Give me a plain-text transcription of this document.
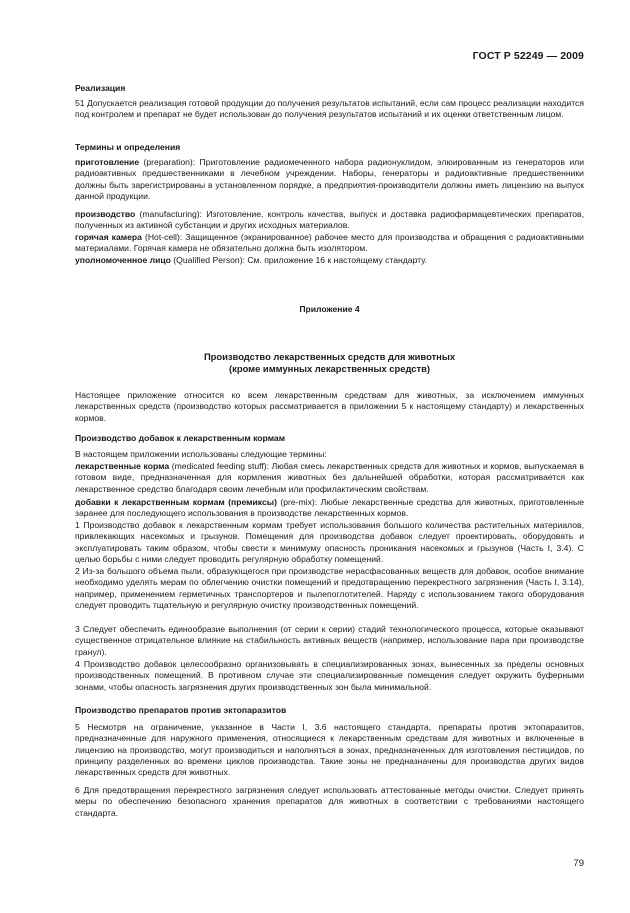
ГОСТ Р 52249 — 2009

Реализация

51 Допускается реализация готовой продукции до получения результатов испытаний, если сам процесс реализации находится под контролем и препарат не будет использован до получения результатов испытаний и их оценки ответственным лицом.

Термины и определения

приготовление (preparation): Приготовление радиомеченного набора радионуклидом, элюированным из генераторов или радиоактивных предшественниками в лечебном учреждении. Наборы, генераторы и радиоактивные предшественники должны быть зарегистрированы в установленном порядке, а предприятия-производители должны иметь лицензию на выпуск данной продукции.

производство (manufacturing): Изготовление, контроль качества, выпуск и доставка радиофармацевтических препаратов, полученных из активной субстанции и других исходных материалов.

горячая камера (Hot-cell): Защищенное (экранированное) рабочее место для производства и обращения с радиоактивными материалами. Горячая камера не обязательно должна быть изолятором.

уполномоченное лицо (Qualified Person): См. приложение 16 к настоящему стандарту.

Приложение 4
Производство лекарственных средств для животных
(кроме иммунных лекарственных средств)

Настоящее приложение относится ко всем лекарственным средствам для животных, за исключением иммунных лекарственных средств (производство которых рассматривается в приложении 5 к настоящему стандарту) и лекарственных кормов.

Производство добавок к лекарственным кормам

В настоящем приложении использованы следующие термины:

лекарственные корма (medicated feeding stuff): Любая смесь лекарственных средств для животных и кормов, выпускаемая в готовом виде, предназначенная для кормления животных без дальнейшей обработки, которая рассматривается как лекарственное средство благодаря своим лечебным или профилактическим свойствам.

добавки к лекарственным кормам (премиксы) (pre-mix): Любые лекарственные средства для животных, приготовленные заранее для последующего использования в производстве лекарственных кормов.

1 Производство добавок к лекарственным кормам требует использования большого количества растительных материалов, привлекающих насекомых и грызунов. Помещения для производства добавок следует проектировать, оборудовать и эксплуатировать таким образом, чтобы свести к минимуму опасность проникания насекомых и грызунов (Часть I, 3.4). С целью борьбы с ними следует проводить регулярную обработку помещений.

2 Из-за большого объема пыли, образующегося при производстве нерасфасованных веществ для добавок, особое внимание необходимо уделять мерам по облегчению очистки помещений и предотвращению перекрестного загрязнения (Часть I, 3.14), например, применением герметичных транспортеров и пылепоглотителей. Наряду с использованием такого оборудования следует проводить тщательную и регулярную очистку производственных помещений.

3 Следует обеспечить единообразие выполнения (от серии к серии) стадий технологического процесса, которые оказывают существенное отрицательное влияние на стабильность активных веществ (например, использование пара при производстве гранул).

4 Производство добавок целесообразно организовывать в специализированных зонах, вынесенных за пределы основных производственных помещений. В противном случае эти специализированные помещения следует окружить буферными зонами, чтобы опасность загрязнения других производственных зон была минимальной.

Производство препаратов против эктопаразитов

5 Несмотря на ограничение, указанное в Части I, 3.6 настоящего стандарта, препараты против эктопаразитов, предназначенные для наружного применения, относящиеся к лекарственным средствам для животных и включенные в лицензию на производство, могут производиться и наполняться в зонах, предназначенных для изготовления пестицидов, по принципу разделенных во времени циклов производства. Такие зоны не предназначены для производства других видов лекарственных средств для животных.

6 Для предотвращения перекрестного загрязнения следует использовать аттестованные методы очистки. Следует принять меры по обеспечению безопасного хранения препаратов для животных в соответствии с требованиями настоящего стандарта.

79
